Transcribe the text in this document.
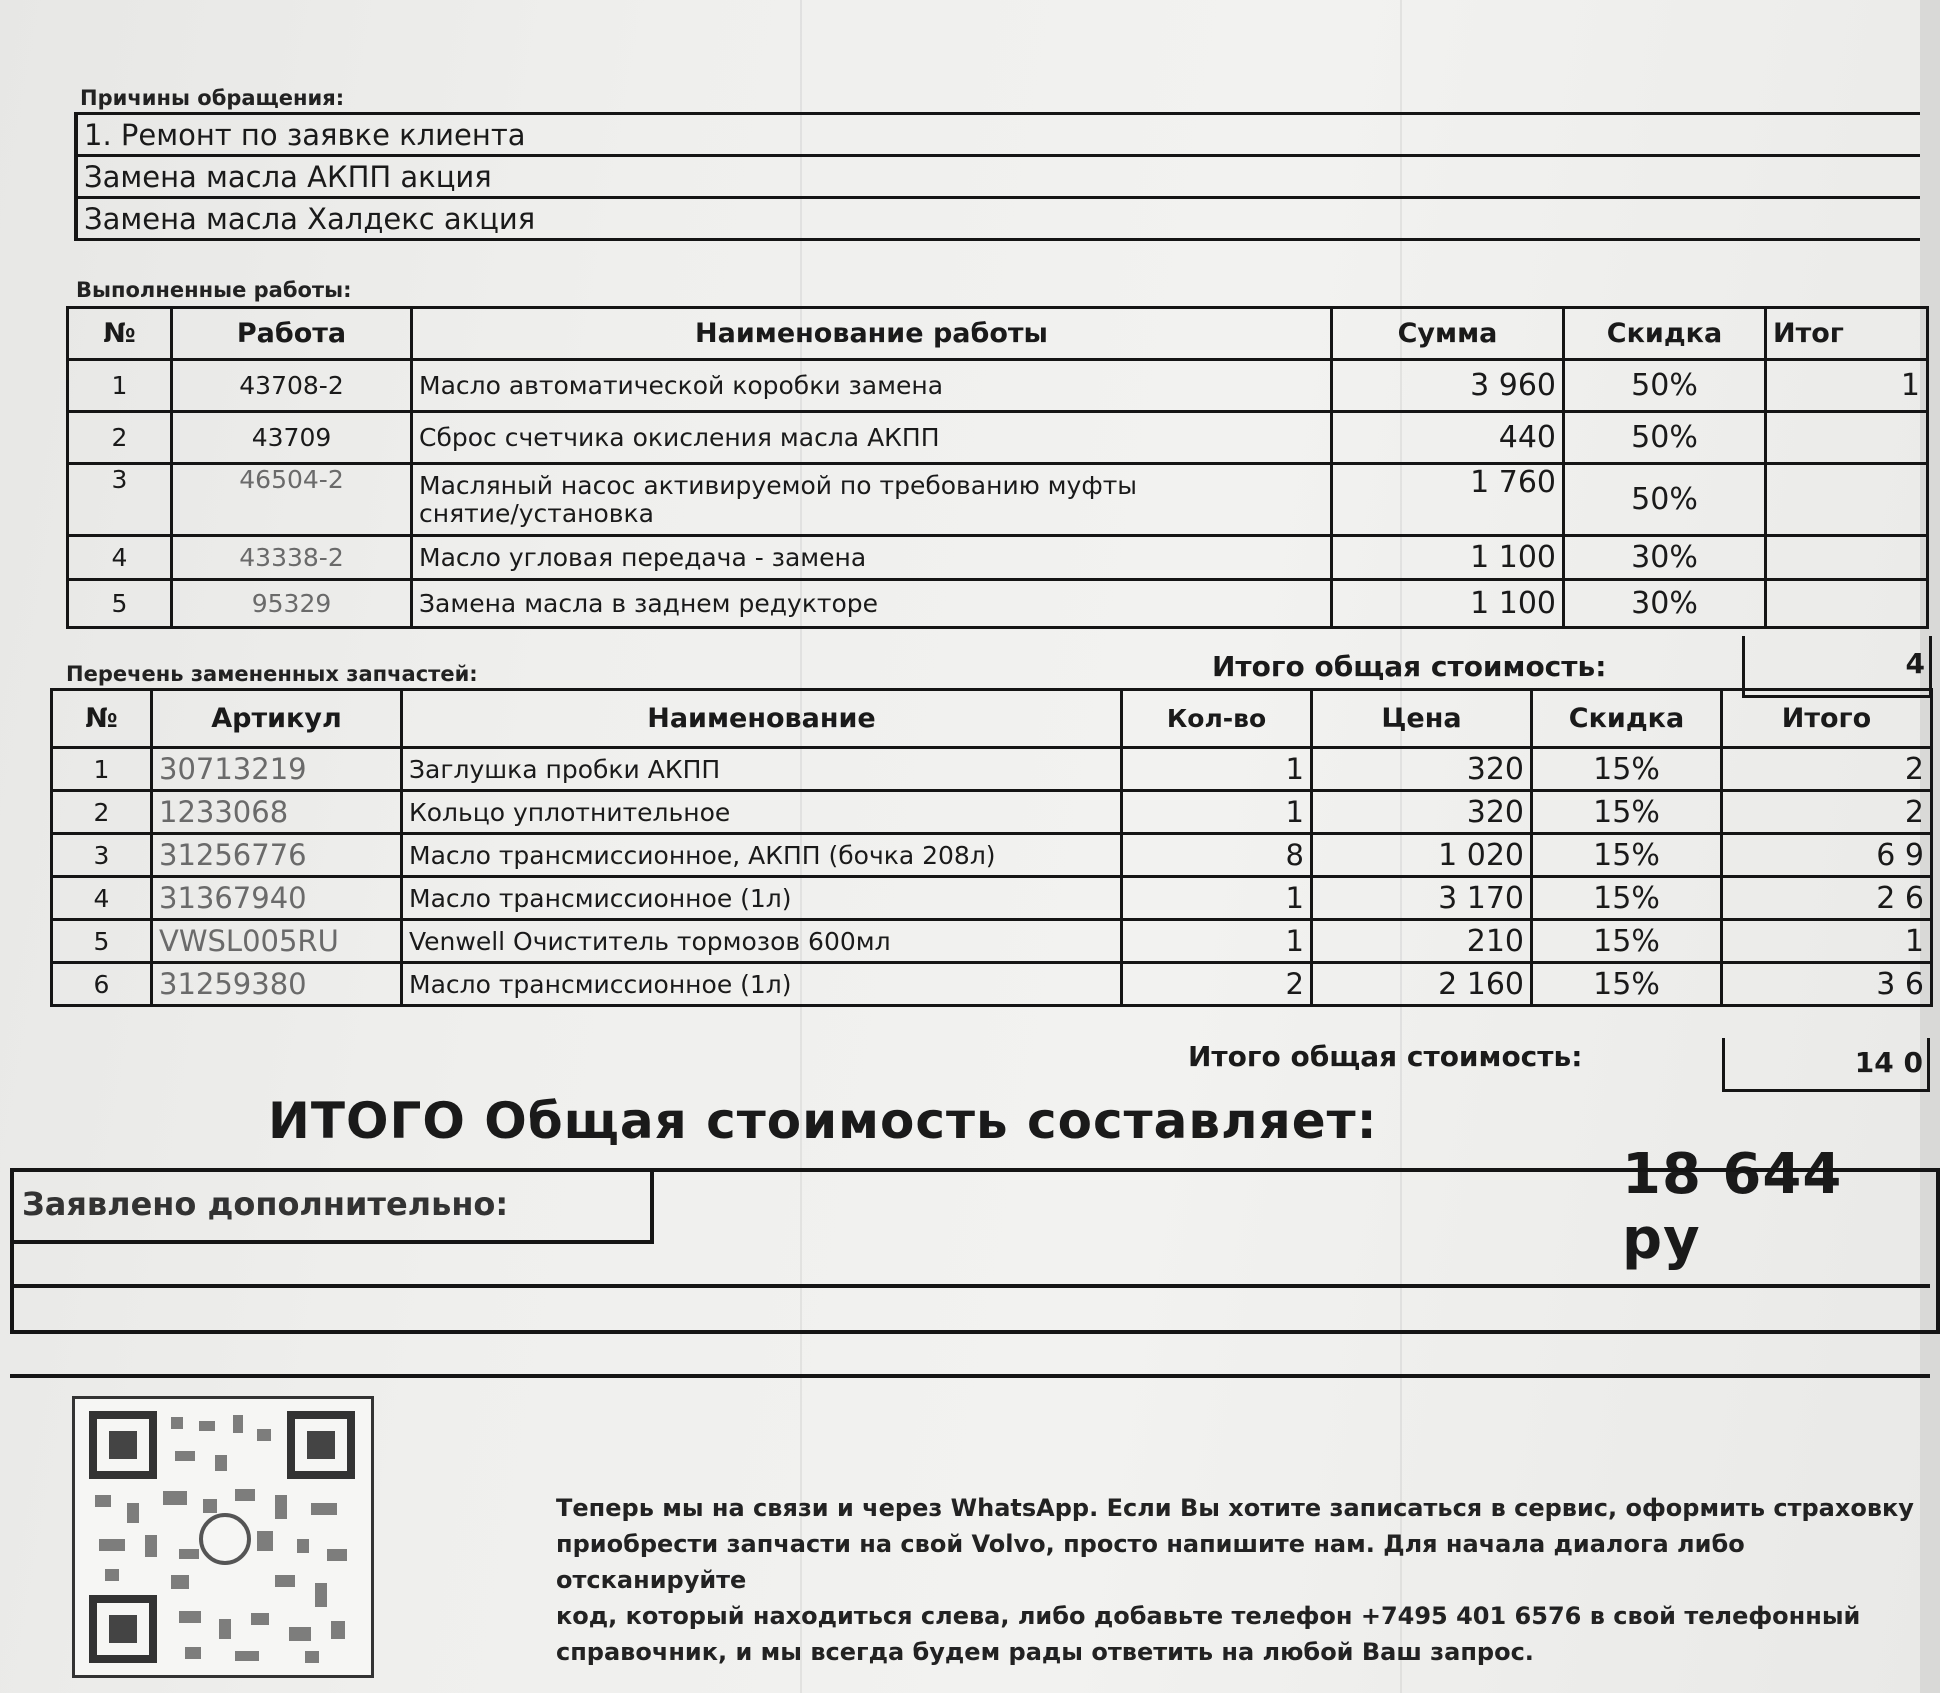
Причины обращения:
1. Ремонт по заявке клиента
Замена масла АКПП акция
Замена масла Халдекс акция
Выполненные работы:
№	Работа	Наименование работы	Сумма	Скидка	Итог
1	43708-2	Масло автоматической коробки замена	3 960	50%	1
2	43709	Сброс счетчика окисления масла АКПП	440	50%	
3	46504-2	Масляный насос активируемой по требованию муфты
снятие/установка	1 760	50%	
4	43338-2	Масло угловая передача - замена	1 100	30%	
5	95329	Замена масла в заднем редукторе	1 100	30%	
Итого общая стоимость:	4
Перечень замененных запчастей:
№	Артикул	Наименование	Кол-во	Цена	Скидка	Итого
1	30713219	Заглушка пробки АКПП	1	320	15%	2
2	1233068	Кольцо уплотнительное	1	320	15%	2
3	31256776	Масло трансмиссионное, АКПП (бочка 208л)	8	1 020	15%	6 9
4	31367940	Масло трансмиссионное (1л)	1	3 170	15%	2 6
5	VWSL005RU	Venwell Очиститель тормозов 600мл	1	210	15%	1
6	31259380	Масло трансмиссионное (1л)	2	2 160	15%	3 6
Итого общая стоимость:	14 0
ИТОГО Общая стоимость составляет:
18 644 ру
Заявлено дополнительно:
Теперь мы на связи и через WhatsApp. Если Вы хотите записаться в сервис, оформить страховку
приобрести запчасти на свой Volvo, просто напишите нам. Для начала диалога либо отсканируйте
код, который находиться слева, либо добавьте телефон +7495 401 6576 в свой телефонный
справочник, и мы всегда будем рады ответить на любой Ваш запрос.
